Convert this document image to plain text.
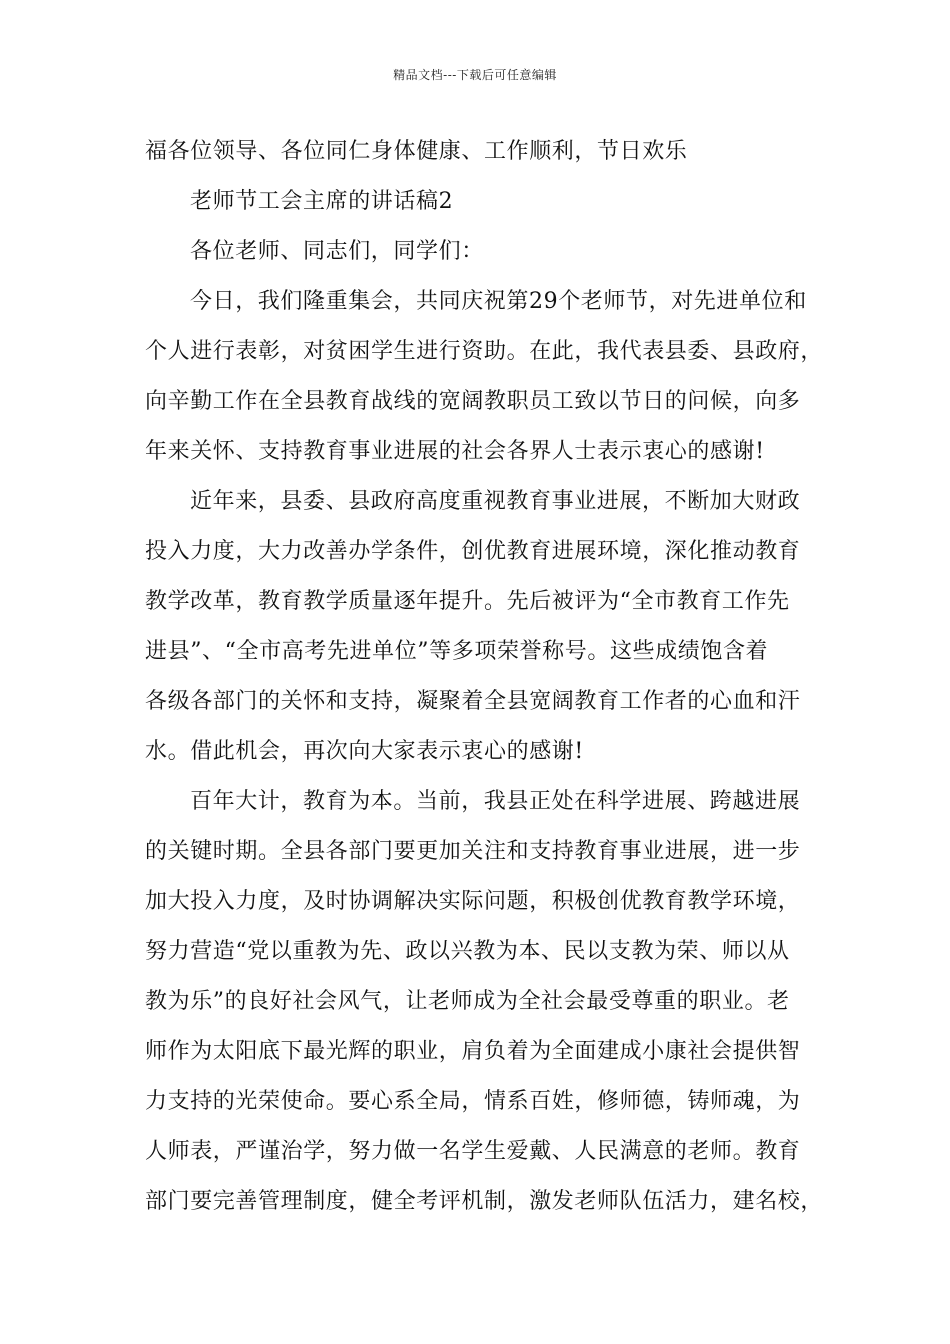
精品文档---下载后可任意编辑
福各位领导、各位同仁身体健康、工作顺利，节日欢乐
老师节工会主席的讲话稿2
各位老师、同志们，同学们：
今日，我们隆重集会，共同庆祝第29个老师节，对先进单位和
个人进行表彰，对贫困学生进行资助。在此，我代表县委、县政府，
向辛勤工作在全县教育战线的宽阔教职员工致以节日的问候，向多
年来关怀、支持教育事业进展的社会各界人士表示衷心的感谢!
近年来，县委、县政府高度重视教育事业进展，不断加大财政
投入力度，大力改善办学条件，创优教育进展环境，深化推动教育
教学改革，教育教学质量逐年提升。先后被评为“全市教育工作先
进县”、“全市高考先进单位”等多项荣誉称号。这些成绩饱含着
各级各部门的关怀和支持，凝聚着全县宽阔教育工作者的心血和汗
水。借此机会，再次向大家表示衷心的感谢!
百年大计，教育为本。当前，我县正处在科学进展、跨越进展
的关键时期。全县各部门要更加关注和支持教育事业进展，进一步
加大投入力度，及时协调解决实际问题，积极创优教育教学环境，
努力营造“党以重教为先、政以兴教为本、民以支教为荣、师以从
教为乐”的良好社会风气，让老师成为全社会最受尊重的职业。老
师作为太阳底下最光辉的职业，肩负着为全面建成小康社会提供智
力支持的光荣使命。要心系全局，情系百姓，修师德，铸师魂，为
人师表，严谨治学，努力做一名学生爱戴、人民满意的老师。教育
部门要完善管理制度，健全考评机制，激发老师队伍活力，建名校，
